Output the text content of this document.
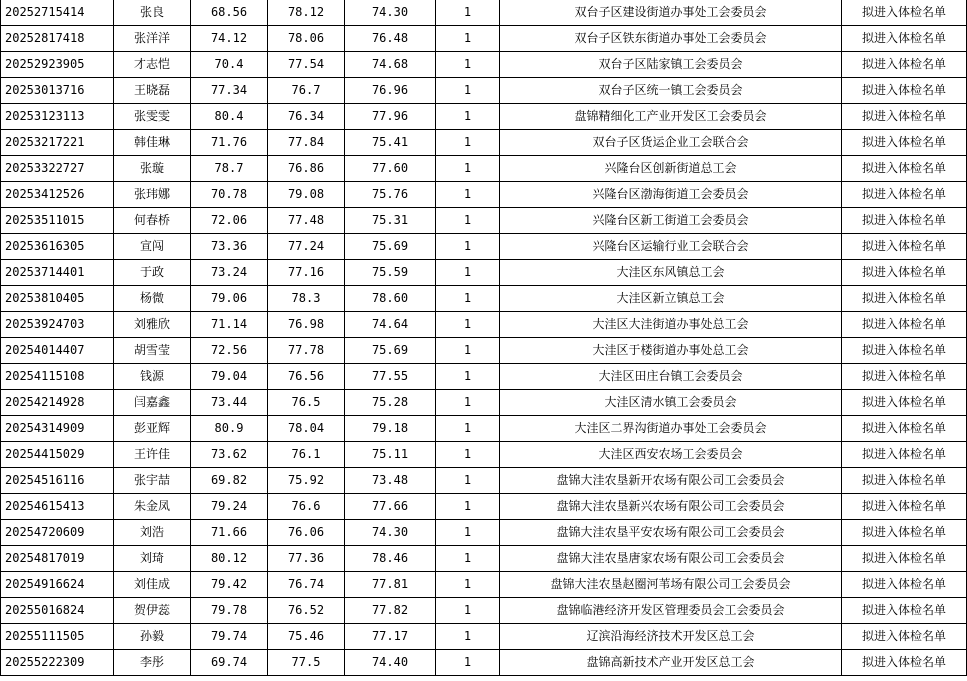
20252715414	张良	68.56	78.12	74.30	1	双台子区建设街道办事处工会委员会	拟进入体检名单
20252817418	张洋洋	74.12	78.06	76.48	1	双台子区铁东街道办事处工会委员会	拟进入体检名单
20252923905	才志恺	70.4	77.54	74.68	1	双台子区陆家镇工会委员会	拟进入体检名单
20253013716	王晓磊	77.34	76.7	76.96	1	双台子区统一镇工会委员会	拟进入体检名单
20253123113	张雯雯	80.4	76.34	77.96	1	盘锦精细化工产业开发区工会委员会	拟进入体检名单
20253217221	韩佳琳	71.76	77.84	75.41	1	双台子区货运企业工会联合会	拟进入体检名单
20253322727	张璇	78.7	76.86	77.60	1	兴隆台区创新街道总工会	拟进入体检名单
20253412526	张玮娜	70.78	79.08	75.76	1	兴隆台区渤海街道工会委员会	拟进入体检名单
20253511015	何春桥	72.06	77.48	75.31	1	兴隆台区新工街道工会委员会	拟进入体检名单
20253616305	宣闯	73.36	77.24	75.69	1	兴隆台区运输行业工会联合会	拟进入体检名单
20253714401	于政	73.24	77.16	75.59	1	大洼区东风镇总工会	拟进入体检名单
20253810405	杨微	79.06	78.3	78.60	1	大洼区新立镇总工会	拟进入体检名单
20253924703	刘雅欣	71.14	76.98	74.64	1	大洼区大洼街道办事处总工会	拟进入体检名单
20254014407	胡雪莹	72.56	77.78	75.69	1	大洼区于楼街道办事处总工会	拟进入体检名单
20254115108	钱源	79.04	76.56	77.55	1	大洼区田庄台镇工会委员会	拟进入体检名单
20254214928	闫嘉鑫	73.44	76.5	75.28	1	大洼区清水镇工会委员会	拟进入体检名单
20254314909	彭亚辉	80.9	78.04	79.18	1	大洼区二界沟街道办事处工会委员会	拟进入体检名单
20254415029	王许佳	73.62	76.1	75.11	1	大洼区西安农场工会委员会	拟进入体检名单
20254516116	张宇喆	69.82	75.92	73.48	1	盘锦大洼农垦新开农场有限公司工会委员会	拟进入体检名单
20254615413	朱金凤	79.24	76.6	77.66	1	盘锦大洼农垦新兴农场有限公司工会委员会	拟进入体检名单
20254720609	刘浩	71.66	76.06	74.30	1	盘锦大洼农垦平安农场有限公司工会委员会	拟进入体检名单
20254817019	刘琦	80.12	77.36	78.46	1	盘锦大洼农垦唐家农场有限公司工会委员会	拟进入体检名单
20254916624	刘佳成	79.42	76.74	77.81	1	盘锦大洼农垦赵圈河苇场有限公司工会委员会	拟进入体检名单
20255016824	贺伊蕊	79.78	76.52	77.82	1	盘锦临港经济开发区管理委员会工会委员会	拟进入体检名单
20255111505	孙毅	79.74	75.46	77.17	1	辽滨沿海经济技术开发区总工会	拟进入体检名单
20255222309	李彤	69.74	77.5	74.40	1	盘锦高新技术产业开发区总工会	拟进入体检名单
